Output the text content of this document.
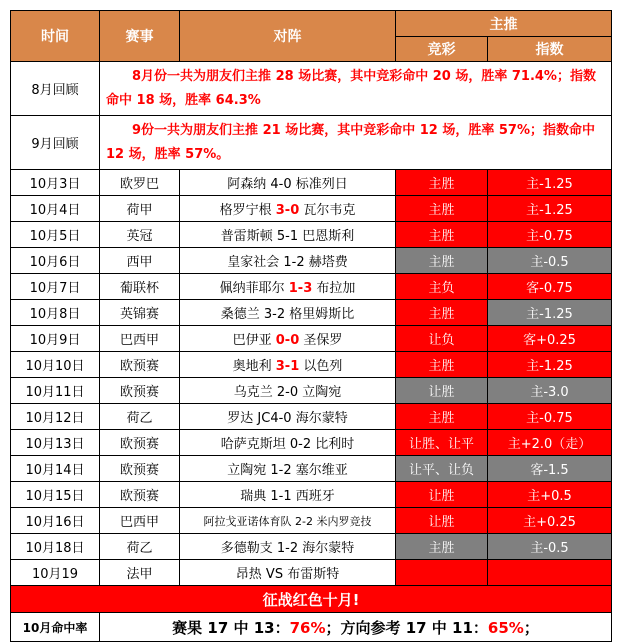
时间	赛事	对阵	主推	
			竞彩	指数
8月回顾	8月份一共为朋友们主推 28 场比赛，其中竞彩命中 20 场，胜率 71.4%；指数命中 18 场，胜率 64.3%			
9月回顾	9份一共为朋友们主推 21 场比赛，其中竞彩命中 12 场，胜率 57%；指数命中 12 场，胜率 57%。			
10月3日	欧罗巴	阿森纳 4-0 标准列日	主胜	主-1.25
10月4日	荷甲	格罗宁根 3-0 瓦尔韦克	主胜	主-1.25
10月5日	英冠	普雷斯顿 5-1 巴恩斯利	主胜	主-0.75
10月6日	西甲	皇家社会 1-2 赫塔费	主胜	主-0.5
10月7日	葡联杯	佩纳菲耶尔 1-3 布拉加	主负	客-0.75
10月8日	英锦赛	桑德兰 3-2 格里姆斯比	主胜	主-1.25
10月9日	巴西甲	巴伊亚 0-0 圣保罗	让负	客+0.25
10月10日	欧预赛	奥地利 3-1 以色列	主胜	主-1.25
10月11日	欧预赛	乌克兰 2-0 立陶宛	让胜	主-3.0
10月12日	荷乙	罗达 JC4-0 海尔蒙特	主胜	主-0.75
10月13日	欧预赛	哈萨克斯坦 0-2 比利时	让胜、让平	主+2.0（走）
10月14日	欧预赛	立陶宛 1-2 塞尔维亚	让平、让负	客-1.5
10月15日	欧预赛	瑞典 1-1 西班牙	让胜	主+0.5
10月16日	巴西甲	阿拉戈亚诺体育队 2-2 米内罗竞技	让胜	主+0.25
10月18日	荷乙	多德勒支 1-2 海尔蒙特	主胜	主-0.5
10月19	法甲	昂热 VS 布雷斯特		
征战红色十月!				
10月命中率	赛果 17 中 13：76%；方向参考 17 中 11：65%；			
